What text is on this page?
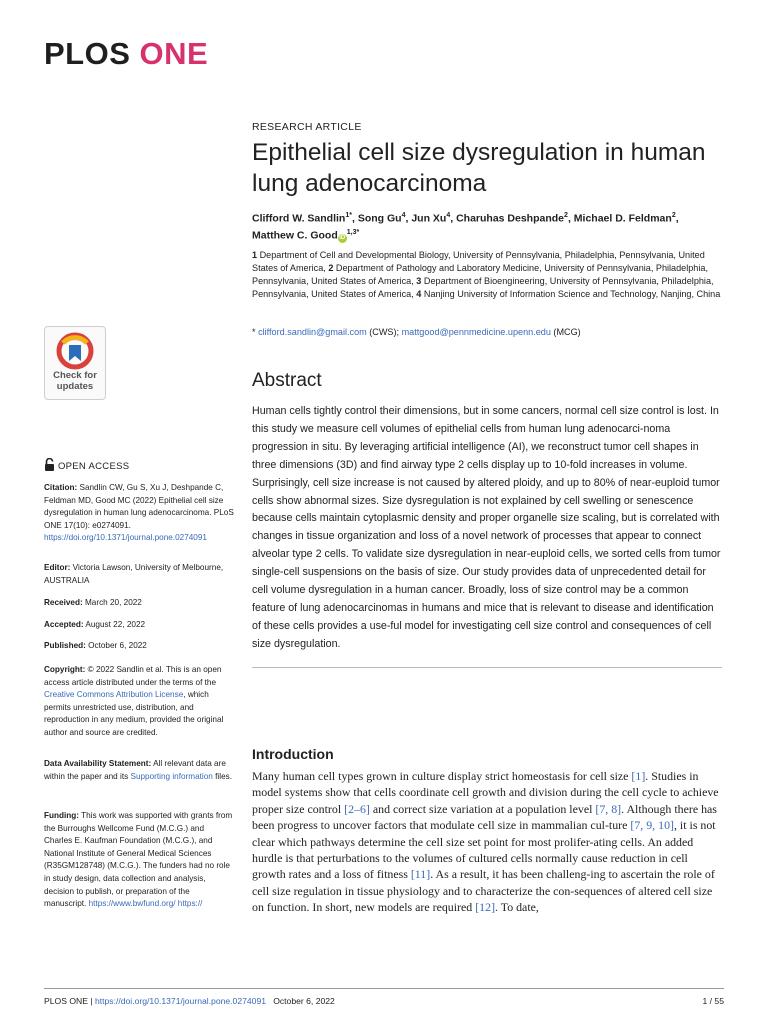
PLOS ONE
RESEARCH ARTICLE
Epithelial cell size dysregulation in human lung adenocarcinoma
Clifford W. Sandlin$^{1*}$, Song Gu$^4$, Jun Xu$^4$, Charuhas Deshpande$^2$, Michael D. Feldman$^2$,
Matthew C. Good $iD^{1,3*}$
1 Department of Cell and Developmental Biology, University of Pennsylvania, Philadelphia, Pennsylvania, United States of America, 2 Department of Pathology and Laboratory Medicine, University of Pennsylvania, Philadelphia, Pennsylvania, United States of America, 3 Department of Bioengineering, University of Pennsylvania, Philadelphia, Pennsylvania, United States of America, 4 Nanjing University of Information Science and Technology, Nanjing, China
* clifford.sandlin@gmail.com (CWS); mattgood@pennmedicine.upenn.edu (MCG)
Abstract
Human cells tightly control their dimensions, but in some cancers, normal cell size control is lost. In this study we measure cell volumes of epithelial cells from human lung adenocarci-noma progression in situ. By leveraging artificial intelligence (AI), we reconstruct tumor cell shapes in three dimensions (3D) and find airway type 2 cells display up to 10-fold increases in volume. Surprisingly, cell size increase is not caused by altered ploidy, and up to 80% of near-euploid tumor cells show abnormal sizes. Size dysregulation is not explained by cell swelling or senescence because cells maintain cytoplasmic density and proper organelle size scaling, but is correlated with changes in tissue organization and loss of a novel network of processes that appear to connect alveolar type 2 cells. To validate size dysregulation in near-euploid cells, we sorted cells from tumor single-cell suspensions on the basis of size. Our study provides data of unprecedented detail for cell volume dysregulation in a human cancer. Broadly, loss of size control may be a common feature of lung adenocarcinomas in humans and mice that is relevant to disease and identification of these cells provides a use-ful model for investigating cell size control and consequences of cell size dysregulation.
Introduction
Many human cell types grown in culture display strict homeostasis for cell size [1]. Studies in model systems show that cells coordinate cell growth and division during the cell cycle to achieve proper size control [2–6] and correct size variation at a population level [7, 8]. Although there has been progress to uncover factors that modulate cell size in mammalian cul-ture [7, 9, 10], it is not clear which pathways determine the cell size set point for most prolifer-ating cells. An added hurdle is that perturbations to the volumes of cultured cells normally cause reduction in cell growth rates and a loss of fitness [11]. As a result, it has been challeng-ing to ascertain the role of cell size regulation in tissue physiology and to characterize the con-sequences of altered cell size on function. In short, new models are required [12]. To date,
Check for updates
OPEN ACCESS
Citation: Sandlin CW, Gu S, Xu J, Deshpande C, Feldman MD, Good MC (2022) Epithelial cell size dysregulation in human lung adenocarcinoma. PLoS ONE 17(10): e0274091. https://doi.org/10.1371/journal.pone.0274091
Editor: Victoria Lawson, University of Melbourne, AUSTRALIA
Received: March 20, 2022
Accepted: August 22, 2022
Published: October 6, 2022
Copyright: © 2022 Sandlin et al. This is an open access article distributed under the terms of the Creative Commons Attribution License, which permits unrestricted use, distribution, and reproduction in any medium, provided the original author and source are credited.
Data Availability Statement: All relevant data are within the paper and its Supporting information files.
Funding: This work was supported with grants from the Burroughs Wellcome Fund (M.C.G.) and Charles E. Kaufman Foundation (M.C.G.), and National Institute of General Medical Sciences (R35GM128748) (M.C.G.). The funders had no role in study design, data collection and analysis, decision to publish, or preparation of the manuscript. https://www.bwfund.org/ https://
PLOS ONE | https://doi.org/10.1371/journal.pone.0274091 October 6, 2022	1 / 55
